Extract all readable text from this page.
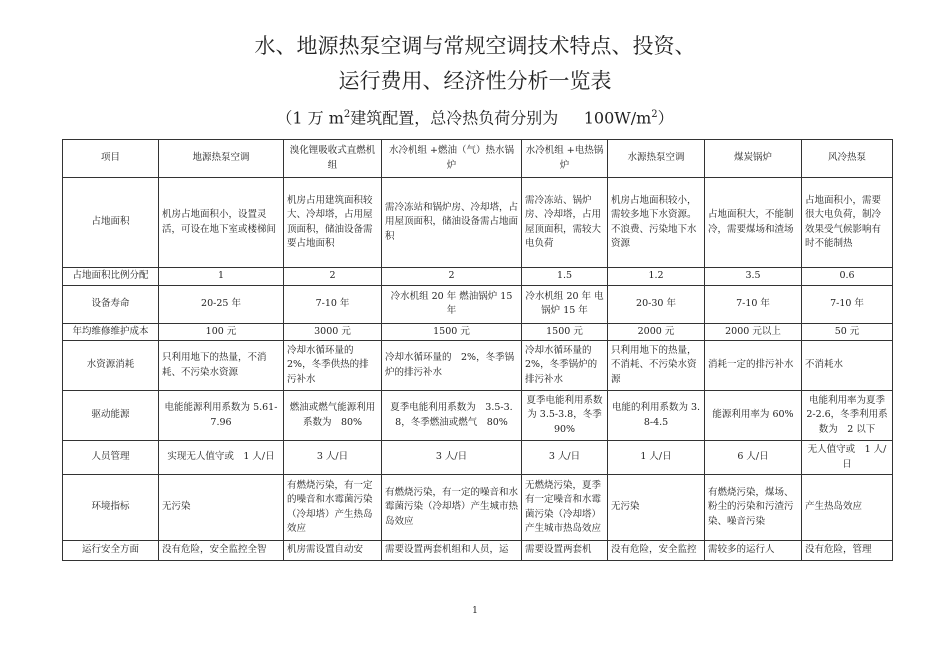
水、地源热泵空调与常规空调技术特点、投资、
运行费用、经济性分析一览表
（1 万 $m^2$建筑配置，总冷热负荷分别为 $100W/m^2$）
项目	地源热泵空调	溴化锂吸收式直燃机组	水冷机组 +燃油（气）热水锅炉	水冷机组 +电热锅炉	水源热泵空调	煤炭锅炉	风冷热泵
占地面积	机房占地面积小，设置灵活，可设在地下室或楼梯间	机房占用建筑面积较大、冷却塔，占用屋顶面积，储油设备需要占地面积	需冷冻站和锅炉房、冷却塔，占用屋顶面积，储油设备需占地面积	需冷冻站、锅炉房、冷却塔，占用屋顶面积，需较大电负荷	机房占地面积较小，需较多地下水资源。不浪费、污染地下水资源	占地面积大，不能制冷，需要煤场和渣场	占地面积小，需要很大电负荷，制冷效果受气候影响有时不能制热
占地面积比例分配	1	2	2	1.5	1.2	3.5	0.6
设备寿命	20-25 年	7-10 年	冷水机组 20 年 燃油锅炉 15 年	冷水机组 20 年 电锅炉 15 年	20-30 年	7-10 年	7-10 年
年均维修维护成本	100 元	3000 元	1500 元	1500 元	2000 元	2000 元以上	50 元
水资源消耗	只利用地下的热量，不消耗、不污染水资源	冷却水循环量的2%，冬季供热的排污补水	冷却水循环量的　2%，冬季锅炉的排污补水	冷却水循环量的2%，冬季锅炉的排污补水	只利用地下的热量，不消耗、不污染水资源	消耗一定的排污补水	不消耗水
驱动能源	电能能源利用系数为 5.61-7.96	燃油或燃气能源利用系数为　80%	夏季电能利用系数为　3.5-3.8，冬季燃油或燃气　80%	夏季电能利用系数为 3.5-3.8，冬季 90%	电能的利用系数为 3.8-4.5	能源利用率为 60%	电能利用率为夏季 2-2.6，冬季利用系数为　2 以下
人员管理	实现无人值守或　1 人/日	3 人/日	3 人/日	3 人/日	1 人/日	6 人/日	无人值守或　1 人/日
环境指标	无污染	有燃烧污染，有一定的噪音和水霉菌污染（冷却塔）产生热岛效应	有燃烧污染，有一定的噪音和水霉菌污染（冷却塔）产生城市热岛效应	无燃烧污染，夏季有一定噪音和水霉菌污染（冷却塔）产生城市热岛效应	无污染	有燃烧污染，煤场、粉尘的污染和污渣污染、噪音污染	产生热岛效应
运行安全方面	没有危险，安全监控全智	机房需设置自动安	需要设置两套机组和人员，运	需要设置两套机	没有危险，安全监控	需较多的运行人	没有危险，管理
1
